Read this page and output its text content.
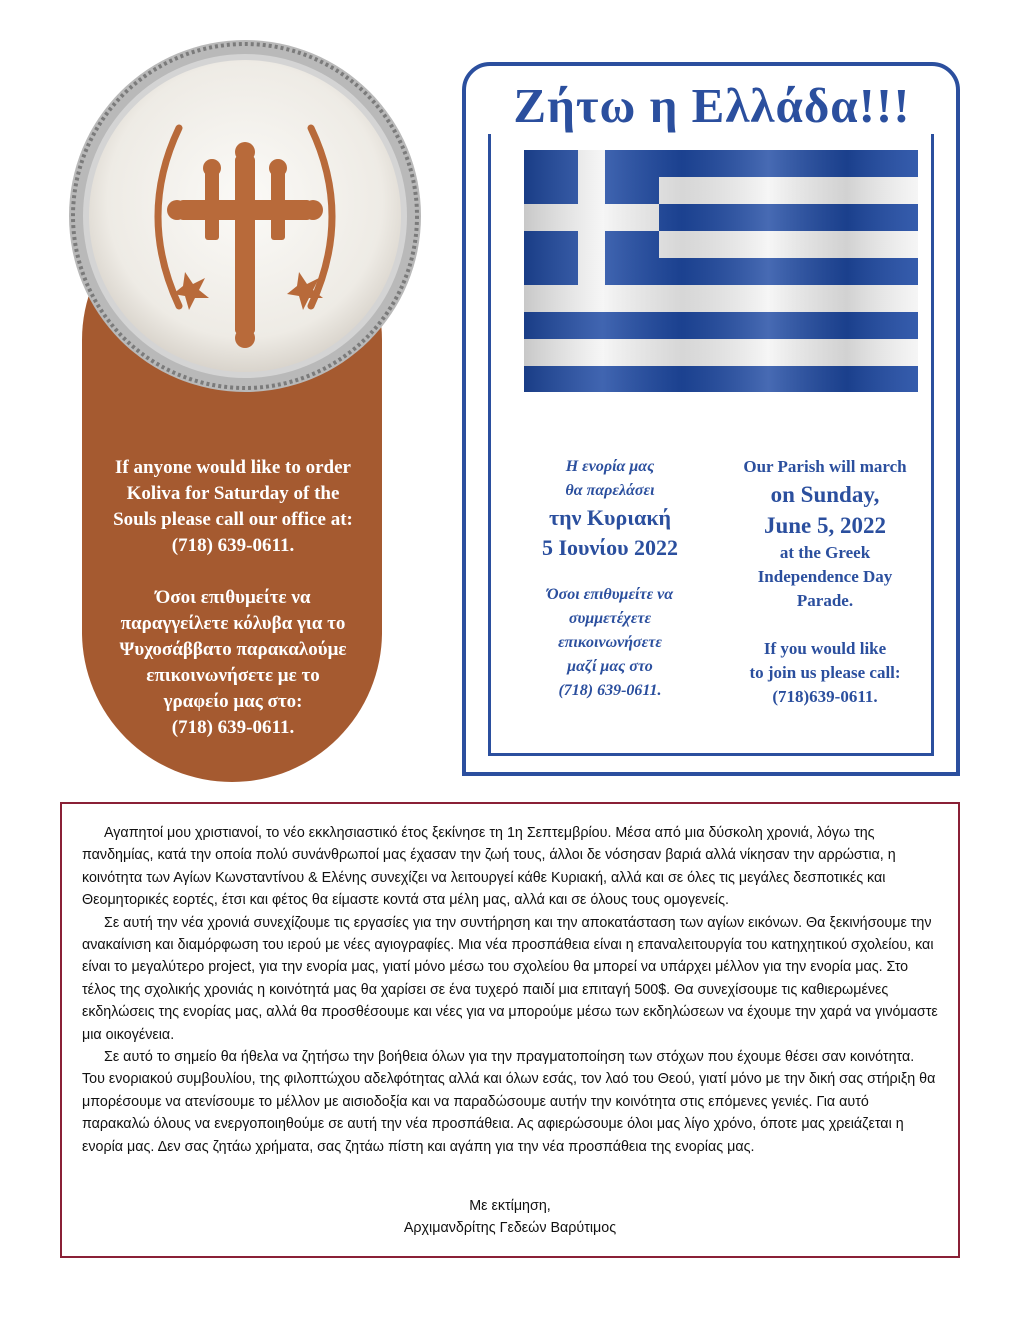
If anyone would like to order
Koliva for Saturday of the
Souls please call our office at:
(718) 639-0611.

Όσοι επιθυμείτε να
παραγγείλετε κόλυβα για το
Ψυχοσάββατο παρακαλούμε
επικοινωνήσετε με το
γραφείο μας στο:
(718) 639-0611.

Ζήτω η Ελλάδα!!!
Η ενορία μας
θα παρελάσει
την Κυριακή
5 Ιουνίου 2022

Όσοι επιθυμείτε να
συμμετέχετε
επικοινωνήσετε
μαζί μας στο
(718) 639-0611.
Our Parish will march
on Sunday,
June 5, 2022
at the Greek
Independence Day
Parade.

If you would like
to join us please call:
(718)639-0611.

Αγαπητοί μου χριστιανοί, το νέο εκκλησιαστικό έτος ξεκίνησε τη 1η Σεπτεμβρίου. Μέσα από μια δύσκολη χρονιά, λόγω της πανδημίας, κατά την οποία πολύ συνάνθρωποί μας έχασαν την ζωή τους, άλλοι δε νόσησαν βαριά αλλά νίκησαν την αρρώστια, η κοινότητα των Αγίων Κωνσταντίνου & Ελένης συνεχίζει να λειτουργεί κάθε Κυριακή, αλλά και σε όλες τις μεγάλες δεσποτικές και Θεομητορικές εορτές, έτσι και φέτος θα είμαστε κοντά στα μέλη μας, αλλά και σε όλους τους ομογενείς.

Σε αυτή την νέα χρονιά συνεχίζουμε τις εργασίες για την συντήρηση και την αποκατάσταση των αγίων εικόνων. Θα ξεκινήσουμε την ανακαίνιση και διαμόρφωση του ιερού με νέες αγιογραφίες. Μια νέα προσπάθεια είναι η επαναλειτουργία του κατηχητικού σχολείου, και είναι το μεγαλύτερο project, για την ενορία μας, γιατί μόνο μέσω του σχολείου θα μπορεί να υπάρχει μέλλον για την ενορία μας. Στο τέλος της σχολικής χρονιάς η κοινότητά μας θα χαρίσει σε ένα τυχερό παιδί μια επιταγή 500$. Θα συνεχίσουμε τις καθιερωμένες εκδηλώσεις της ενορίας μας, αλλά θα προσθέσουμε και νέες για να μπορούμε μέσω των εκδηλώσεων να έχουμε την χαρά να γινόμαστε μια οικογένεια.

Σε αυτό το σημείο θα ήθελα να ζητήσω την βοήθεια όλων για την πραγματοποίηση των στόχων που έχουμε θέσει σαν κοινότητα. Του ενοριακού συμβουλίου, της φιλοπτώχου αδελφότητας αλλά και όλων εσάς, τον λαό του Θεού, γιατί μόνο με την δική σας στήριξη θα μπορέσουμε να ατενίσουμε το μέλλον με αισιοδοξία και να παραδώσουμε αυτήν την κοινότητα στις επόμενες γενιές. Για αυτό παρακαλώ όλους να ενεργοποιηθούμε σε αυτή την νέα προσπάθεια. Ας αφιερώσουμε όλοι μας λίγο χρόνο, όποτε μας χρειάζεται η ενορία μας. Δεν σας ζητάω χρήματα, σας ζητάω πίστη και αγάπη για την νέα προσπάθεια της ενορίας μας.

Με εκτίμηση,
Αρχιμανδρίτης Γεδεών Βαρύτιμος
